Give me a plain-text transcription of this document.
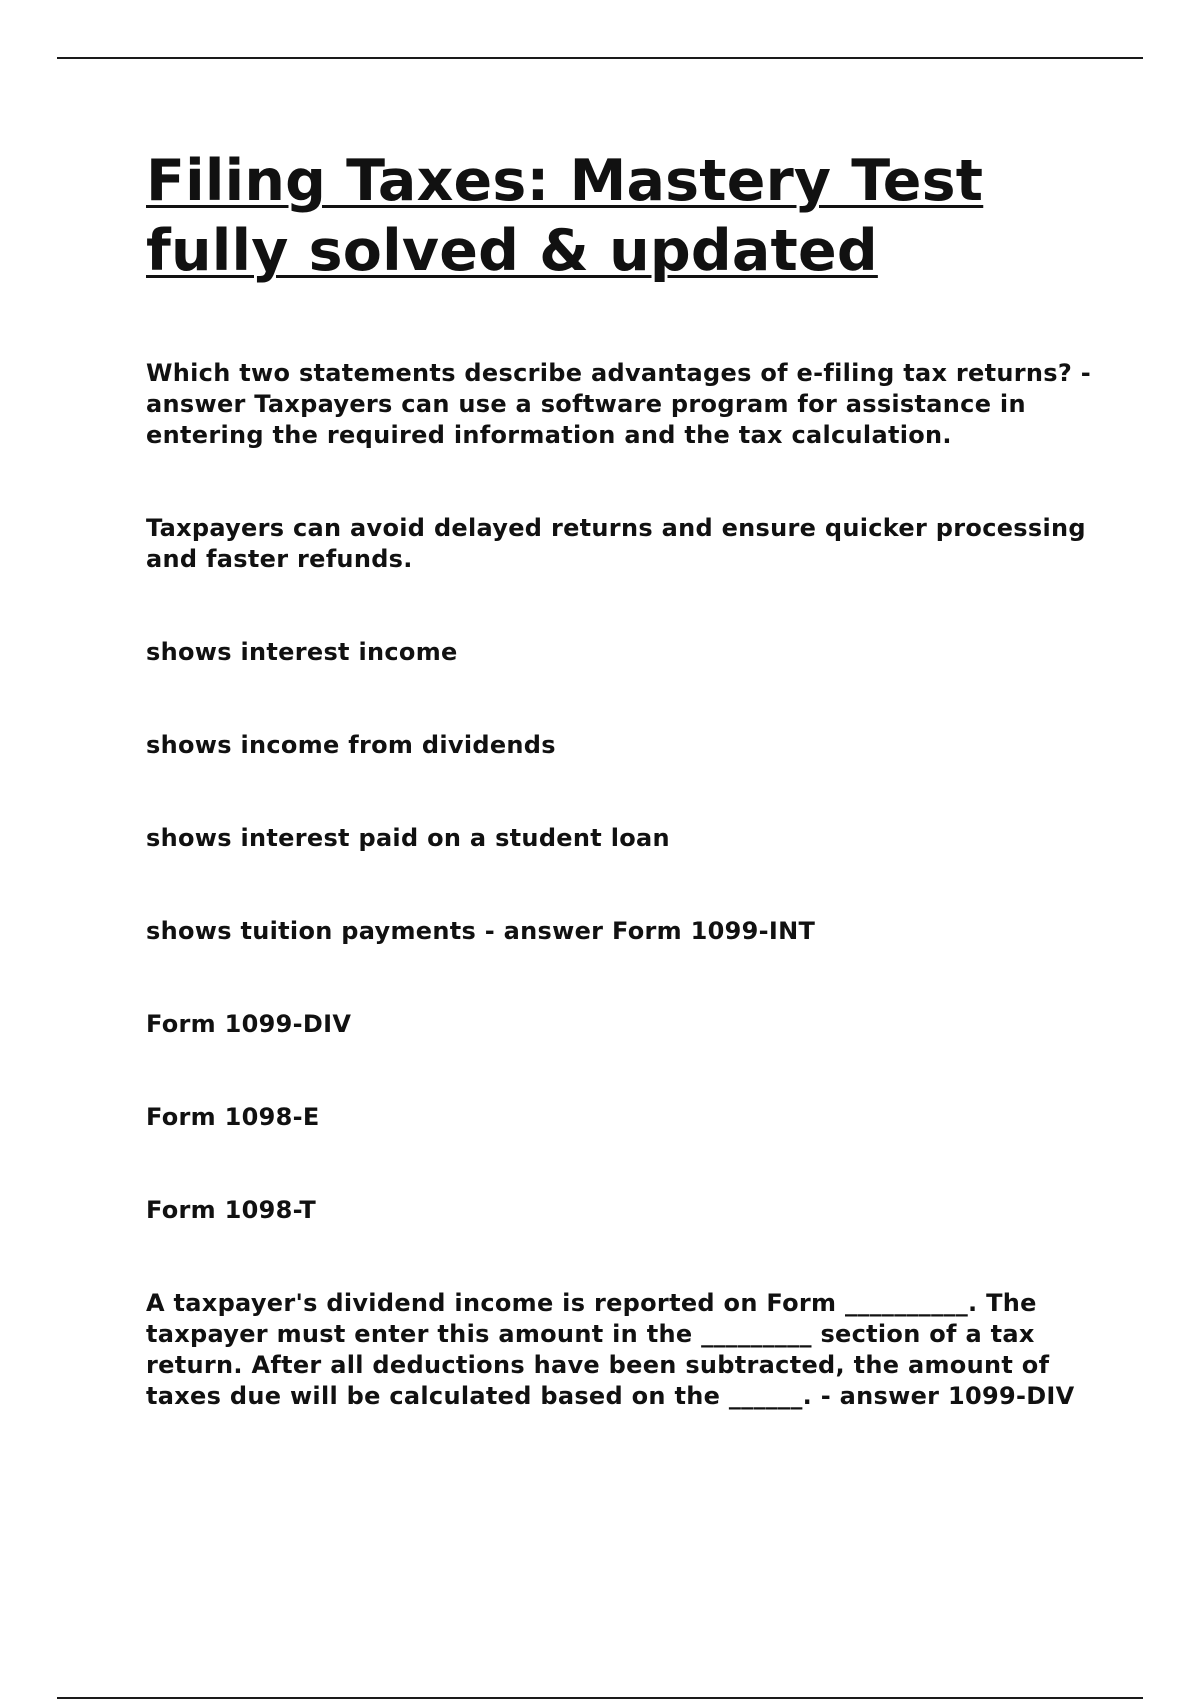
Filing Taxes: Mastery Test
fully solved & updated

Which two statements describe advantages of e-filing tax returns? - answer Taxpayers can use a software program for assistance in entering the required information and the tax calculation.

Taxpayers can avoid delayed returns and ensure quicker processing and faster refunds.

shows interest income

shows income from dividends

shows interest paid on a student loan

shows tuition payments - answer Form 1099-INT

Form 1099-DIV

Form 1098-E

Form 1098-T

A taxpayer's dividend income is reported on Form __________. The taxpayer must enter this amount in the _________ section of a tax return. After all deductions have been subtracted, the amount of taxes due will be calculated based on the ______. - answer 1099-DIV
